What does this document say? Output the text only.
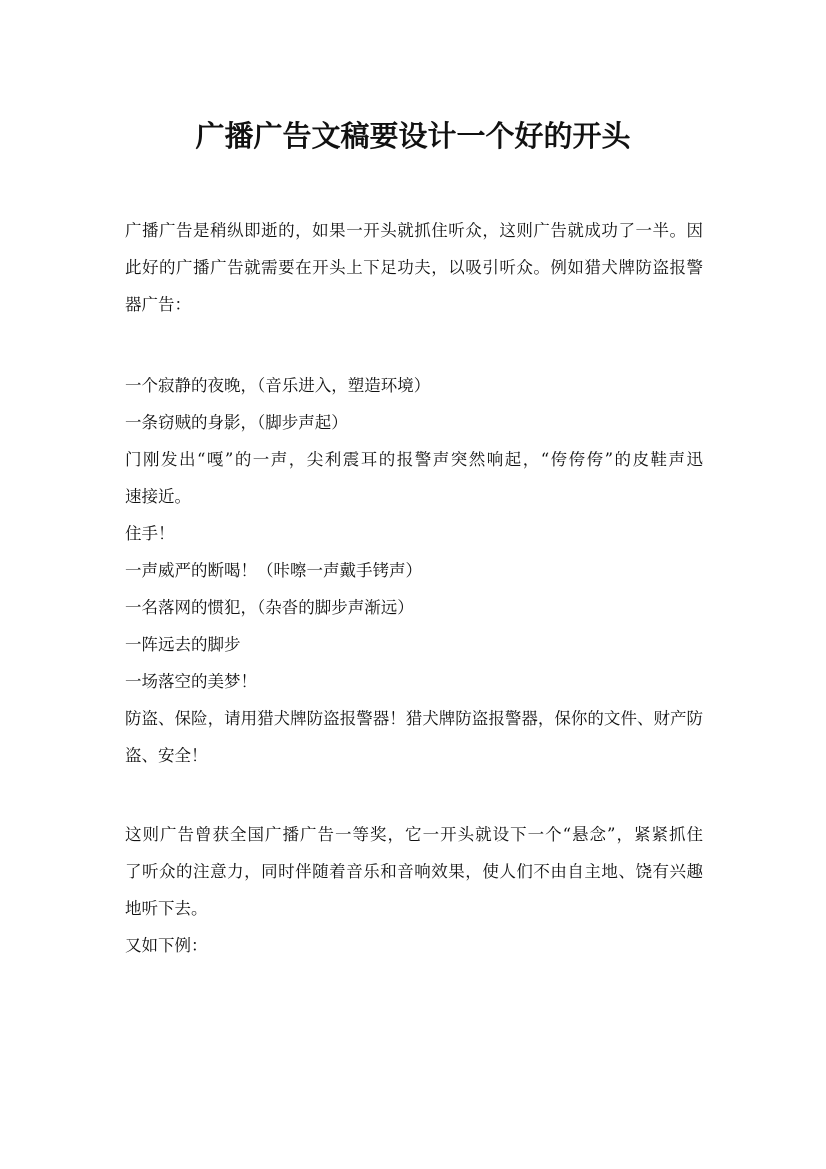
广播广告文稿要设计一个好的开头
广播广告是稍纵即逝的，如果一开头就抓住听众，这则广告就成功了一半。因
此好的广播广告就需要在开头上下足功夫，以吸引听众。例如猎犬牌防盗报警
器广告：
一个寂静的夜晚，（音乐进入，塑造环境）
一条窃贼的身影，（脚步声起）
门刚发出“嘎”的一声，尖利震耳的报警声突然响起，“侉侉侉”的皮鞋声迅
速接近。
住手！
一声威严的断喝！（咔嚓一声戴手铐声）
一名落网的惯犯，（杂沓的脚步声渐远）
一阵远去的脚步
一场落空的美梦！
防盗、保险，请用猎犬牌防盗报警器！猎犬牌防盗报警器，保你的文件、财产防
盗、安全！
这则广告曾获全国广播广告一等奖，它一开头就设下一个“悬念”，紧紧抓住
了听众的注意力，同时伴随着音乐和音响效果，使人们不由自主地、饶有兴趣
地听下去。
又如下例：
